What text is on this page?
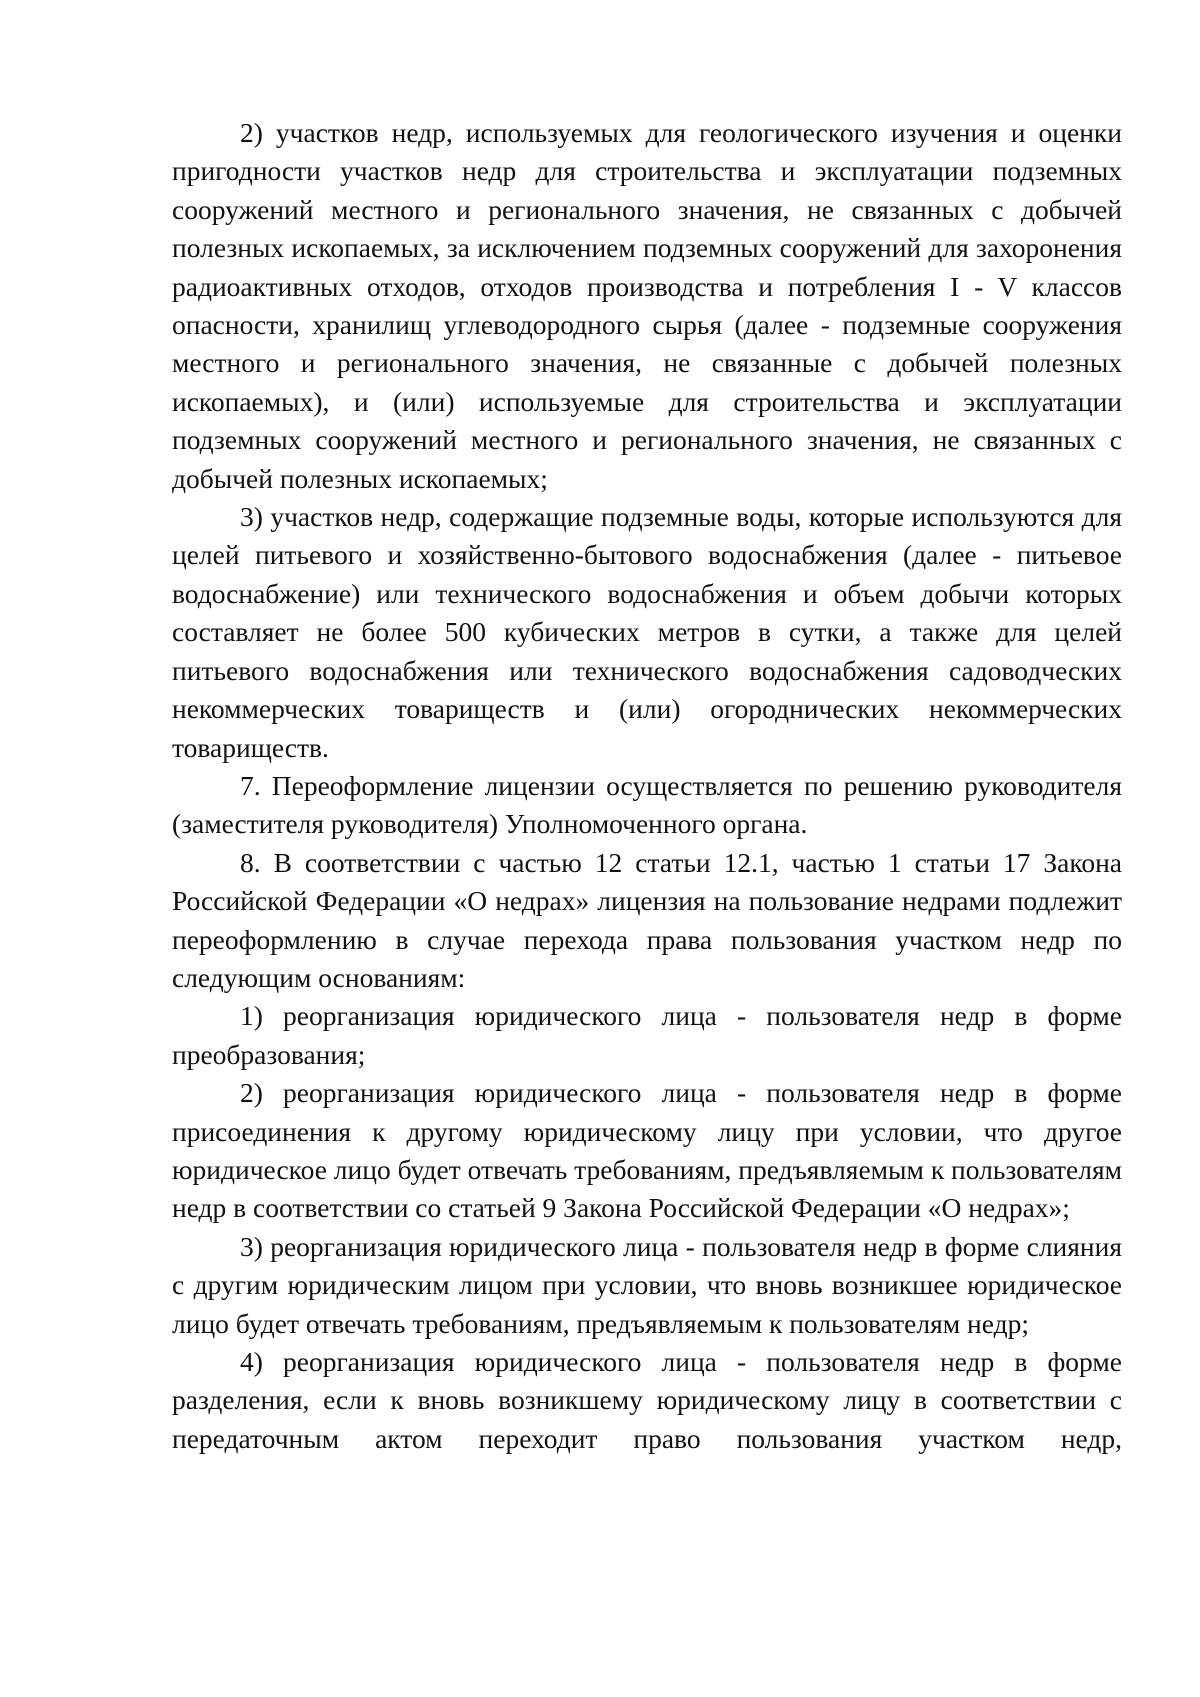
2) участков недр, используемых для геологического изучения и оценки пригодности участков недр для строительства и эксплуатации подземных сооружений местного и регионального значения, не связанных с добычей полезных ископаемых, за исключением подземных сооружений для захоронения радиоактивных отходов, отходов производства и потребления I - V классов опасности, хранилищ углеводородного сырья (далее - подземные сооружения местного и регионального значения, не связанные с добычей полезных ископаемых), и (или) используемые для строительства и эксплуатации подземных сооружений местного и регионального значения, не связанных с добычей полезных ископаемых;

3) участков недр, содержащие подземные воды, которые используются для целей питьевого и хозяйственно-бытового водоснабжения (далее - питьевое водоснабжение) или технического водоснабжения и объем добычи которых составляет не более 500 кубических метров в сутки, а также для целей питьевого водоснабжения или технического водоснабжения садоводческих некоммерческих товариществ и (или) огороднических некоммерческих товариществ.

7. Переоформление лицензии осуществляется по решению руководителя (заместителя руководителя) Уполномоченного органа.

8. В соответствии с частью 12 статьи 12.1, частью 1 статьи 17 Закона Российской Федерации «О недрах» лицензия на пользование недрами подлежит переоформлению в случае перехода права пользования участком недр по следующим основаниям:

1) реорганизация юридического лица - пользователя недр в форме преобразования;

2) реорганизация юридического лица - пользователя недр в форме присоединения к другому юридическому лицу при условии, что другое юридическое лицо будет отвечать требованиям, предъявляемым к пользователям недр в соответствии со статьей 9 Закона Российской Федерации «О недрах»;

3) реорганизация юридического лица - пользователя недр в форме слияния с другим юридическим лицом при условии, что вновь возникшее юридическое лицо будет отвечать требованиям, предъявляемым к пользователям недр;

4) реорганизация юридического лица - пользователя недр в форме разделения, если к вновь возникшему юридическому лицу в соответствии с передаточным актом переходит право пользования участком недр,
